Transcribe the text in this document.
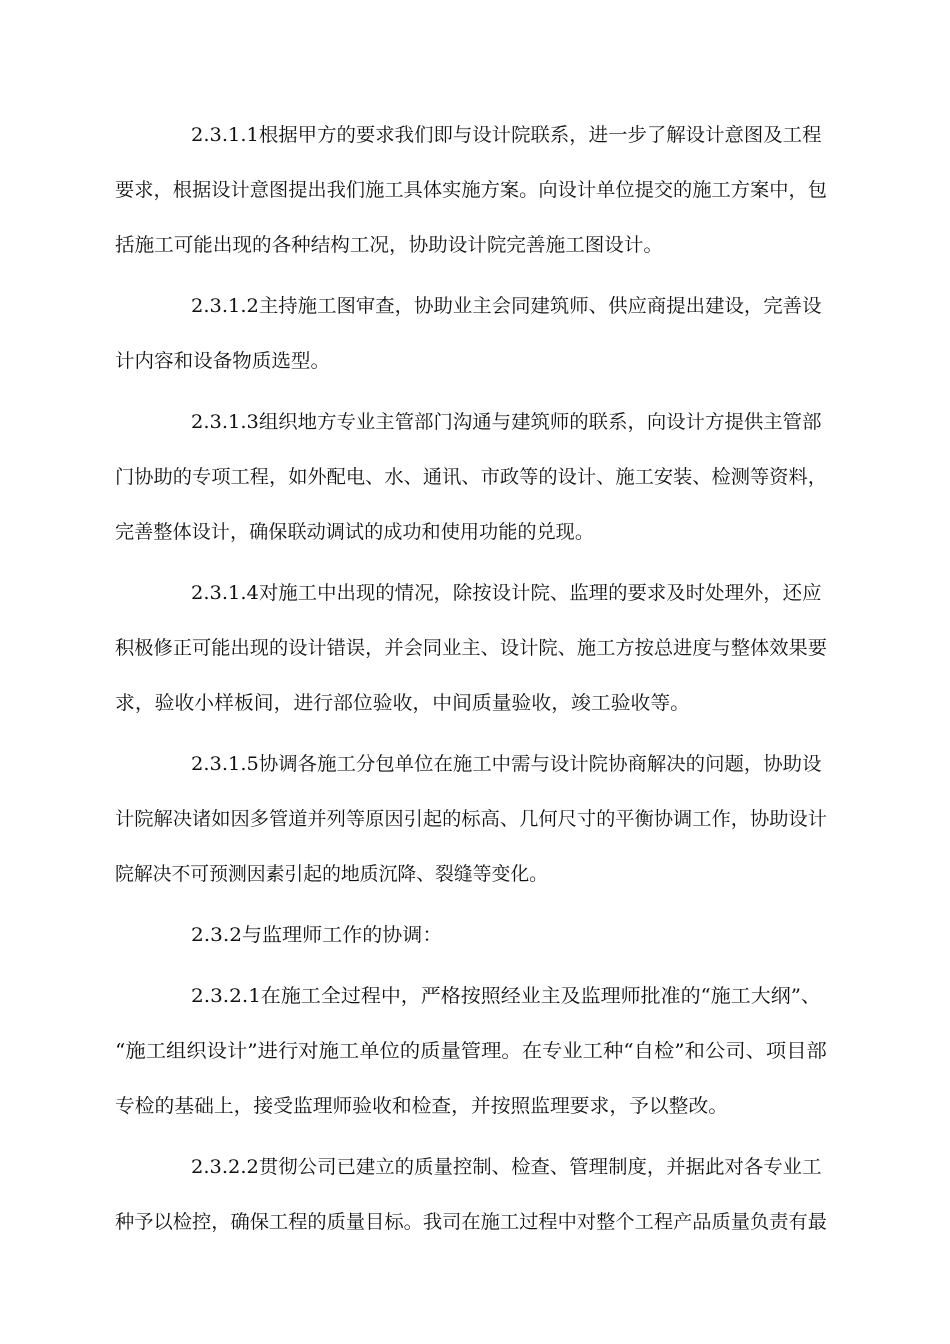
2.3.1.1根据甲方的要求我们即与设计院联系，进一步了解设计意图及工程
要求，根据设计意图提出我们施工具体实施方案。向设计单位提交的施工方案中，包
括施工可能出现的各种结构工况，协助设计院完善施工图设计。
2.3.1.2主持施工图审查，协助业主会同建筑师、供应商提出建设，完善设
计内容和设备物质选型。
2.3.1.3组织地方专业主管部门沟通与建筑师的联系，向设计方提供主管部
门协助的专项工程，如外配电、水、通讯、市政等的设计、施工安装、检测等资料，
完善整体设计，确保联动调试的成功和使用功能的兑现。
2.3.1.4对施工中出现的情况，除按设计院、监理的要求及时处理外，还应
积极修正可能出现的设计错误，并会同业主、设计院、施工方按总进度与整体效果要
求，验收小样板间，进行部位验收，中间质量验收，竣工验收等。
2.3.1.5协调各施工分包单位在施工中需与设计院协商解决的问题，协助设
计院解决诸如因多管道并列等原因引起的标高、几何尺寸的平衡协调工作，协助设计
院解决不可预测因素引起的地质沉降、裂缝等变化。
2.3.2与监理师工作的协调：
2.3.2.1在施工全过程中，严格按照经业主及监理师批准的“施工大纲”、
“施工组织设计”进行对施工单位的质量管理。在专业工种“自检”和公司、项目部
专检的基础上，接受监理师验收和检查，并按照监理要求，予以整改。
2.3.2.2贯彻公司已建立的质量控制、检查、管理制度，并据此对各专业工
种予以检控，确保工程的质量目标。我司在施工过程中对整个工程产品质量负责有最
